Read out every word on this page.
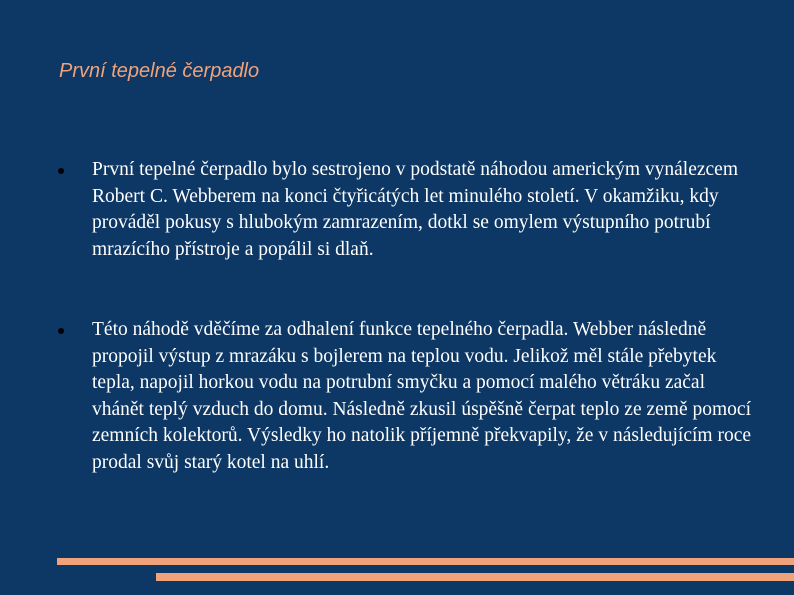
První tepelné čerpadlo
První tepelné čerpadlo bylo sestrojeno v podstatě náhodou americkým vynálezcem Robert C. Webberem na konci čtyřicátých let minulého století. V okamžiku, kdy prováděl pokusy s hlubokým zamrazením, dotkl se omylem výstupního potrubí mrazícího přístroje a popálil si dlaň.
Této náhodě vděčíme za odhalení funkce tepelného čerpadla. Webber následně propojil výstup z mrazáku s bojlerem na teplou vodu. Jelikož měl stále přebytek tepla, napojil horkou vodu na potrubní smyčku a pomocí malého větráku začal vhánět teplý vzduch do domu. Následně zkusil úspěšně čerpat teplo ze země pomocí zemních kolektorů. Výsledky ho natolik příjemně překvapily, že v následujícím roce prodal svůj starý kotel na uhlí.
